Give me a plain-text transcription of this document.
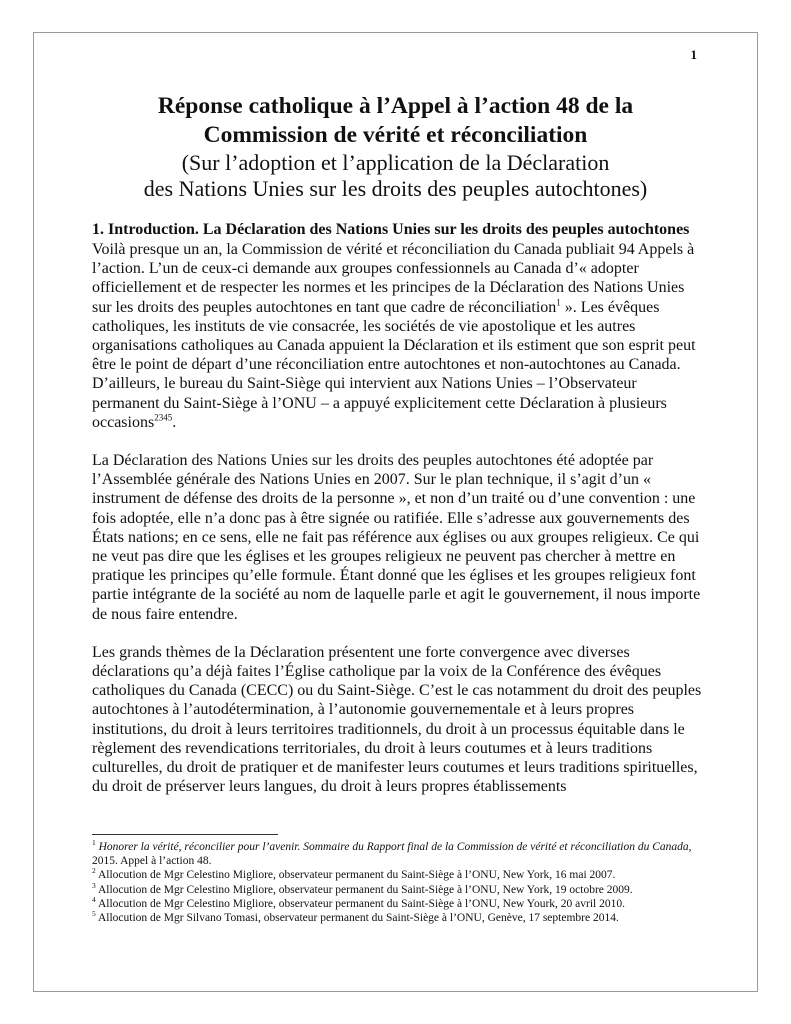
1
Réponse catholique à l’Appel à l’action 48 de la
Commission de vérité et réconciliation
(Sur l’adoption et l’application de la Déclaration
des Nations Unies sur les droits des peuples autochtones)
1. Introduction. La Déclaration des Nations Unies sur les droits des peuples autochtones

Voilà presque un an, la Commission de vérité et réconciliation du Canada publiait 94 Appels à l’action. L’un de ceux-ci demande aux groupes confessionnels au Canada d’« adopter officiellement et de respecter les normes et les principes de la Déclaration des Nations Unies sur les droits des peuples autochtones en tant que cadre de réconciliation$^1$ ». Les évêques catholiques, les instituts de vie consacrée, les sociétés de vie apostolique et les autres organisations catholiques au Canada appuient la Déclaration et ils estiment que son esprit peut être le point de départ d’une réconciliation entre autochtones et non-autochtones au Canada. D’ailleurs, le bureau du Saint-Siège qui intervient aux Nations Unies – l’Observateur permanent du Saint-Siège à l’ONU – a appuyé explicitement cette Déclaration à plusieurs occasions$^{2345}$.

La Déclaration des Nations Unies sur les droits des peuples autochtones été adoptée par l’Assemblée générale des Nations Unies en 2007. Sur le plan technique, il s’agit d’un « instrument de défense des droits de la personne », et non d’un traité ou d’une convention : une fois adoptée, elle n’a donc pas à être signée ou ratifiée. Elle s’adresse aux gouvernements des États nations; en ce sens, elle ne fait pas référence aux églises ou aux groupes religieux. Ce qui ne veut pas dire que les églises et les groupes religieux ne peuvent pas chercher à mettre en pratique les principes qu’elle formule. Étant donné que les églises et les groupes religieux font partie intégrante de la société au nom de laquelle parle et agit le gouvernement, il nous importe de nous faire entendre.

Les grands thèmes de la Déclaration présentent une forte convergence avec diverses déclarations qu’a déjà faites l’Église catholique par la voix de la Conférence des évêques catholiques du Canada (CECC) ou du Saint-Siège. C’est le cas notamment du droit des peuples autochtones à l’autodétermination, à l’autonomie gouvernementale et à leurs propres institutions, du droit à leurs territoires traditionnels, du droit à un processus équitable dans le règlement des revendications territoriales, du droit à leurs coutumes et à leurs traditions culturelles, du droit de pratiquer et de manifester leurs coutumes et leurs traditions spirituelles, du droit de préserver leurs langues, du droit à leurs propres établissements

$^1$ Honorer la vérité, réconcilier pour l’avenir. Sommaire du Rapport final de la Commission de vérité et réconciliation du Canada, 2015. Appel à l’action 48.

$^2$ Allocution de Mgr Celestino Migliore, observateur permanent du Saint-Siège à l’ONU, New York, 16 mai 2007.

$^3$ Allocution de Mgr Celestino Migliore, observateur permanent du Saint-Siège à l’ONU, New York, 19 octobre 2009.

$^4$ Allocution de Mgr Celestino Migliore, observateur permanent du Saint-Siège à l’ONU, New Yourk, 20 avril 2010.

$^5$ Allocution de Mgr Silvano Tomasi, observateur permanent du Saint-Siège à l’ONU, Genève, 17 septembre 2014.
